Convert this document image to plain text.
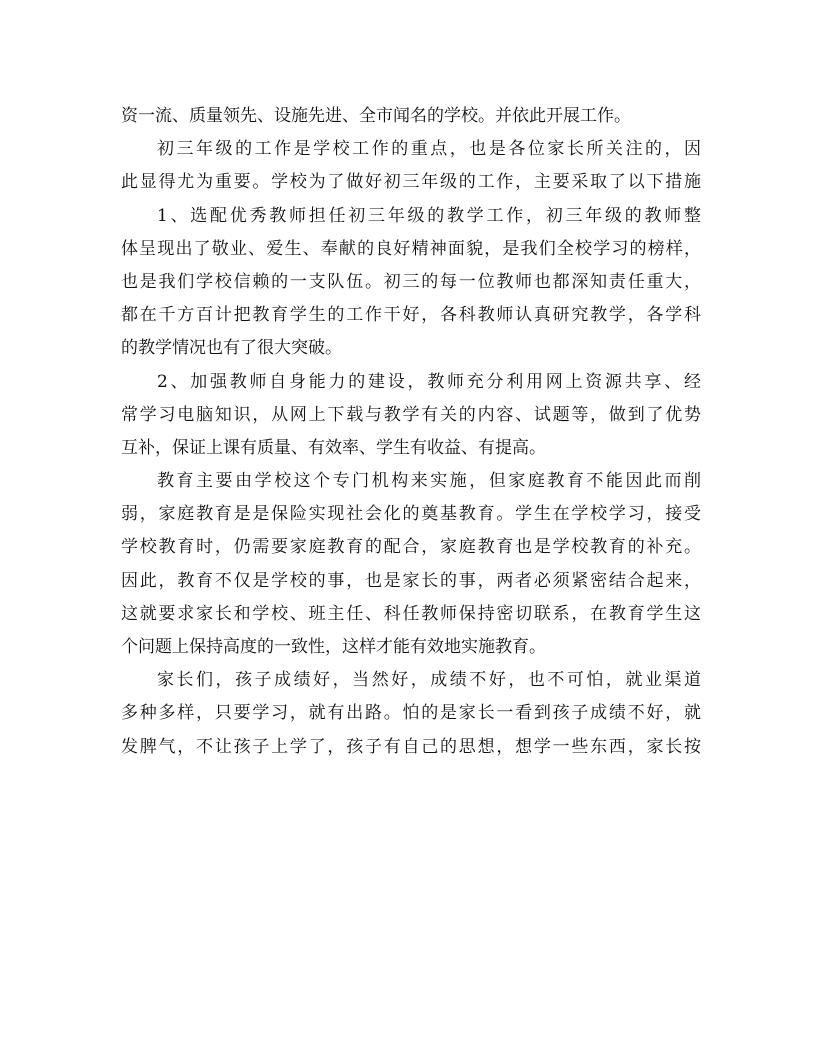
资一流、质量领先、设施先进、全市闻名的学校。并依此开展工作。
初三年级的工作是学校工作的重点，也是各位家长所关注的，因
此显得尤为重要。学校为了做好初三年级的工作，主要采取了以下措施
1、选配优秀教师担任初三年级的教学工作，初三年级的教师整
体呈现出了敬业、爱生、奉献的良好精神面貌，是我们全校学习的榜样，
也是我们学校信赖的一支队伍。初三的每一位教师也都深知责任重大，
都在千方百计把教育学生的工作干好，各科教师认真研究教学，各学科
的教学情况也有了很大突破。
2、加强教师自身能力的建设，教师充分利用网上资源共享、经
常学习电脑知识，从网上下载与教学有关的内容、试题等，做到了优势
互补，保证上课有质量、有效率、学生有收益、有提高。
教育主要由学校这个专门机构来实施，但家庭教育不能因此而削
弱，家庭教育是是保险实现社会化的奠基教育。学生在学校学习，接受
学校教育时，仍需要家庭教育的配合，家庭教育也是学校教育的补充。
因此，教育不仅是学校的事，也是家长的事，两者必须紧密结合起来，
这就要求家长和学校、班主任、科任教师保持密切联系，在教育学生这
个问题上保持高度的一致性，这样才能有效地实施教育。
家长们，孩子成绩好，当然好，成绩不好，也不可怕，就业渠道
多种多样，只要学习，就有出路。怕的是家长一看到孩子成绩不好，就
发脾气，不让孩子上学了，孩子有自己的思想，想学一些东西，家长按
